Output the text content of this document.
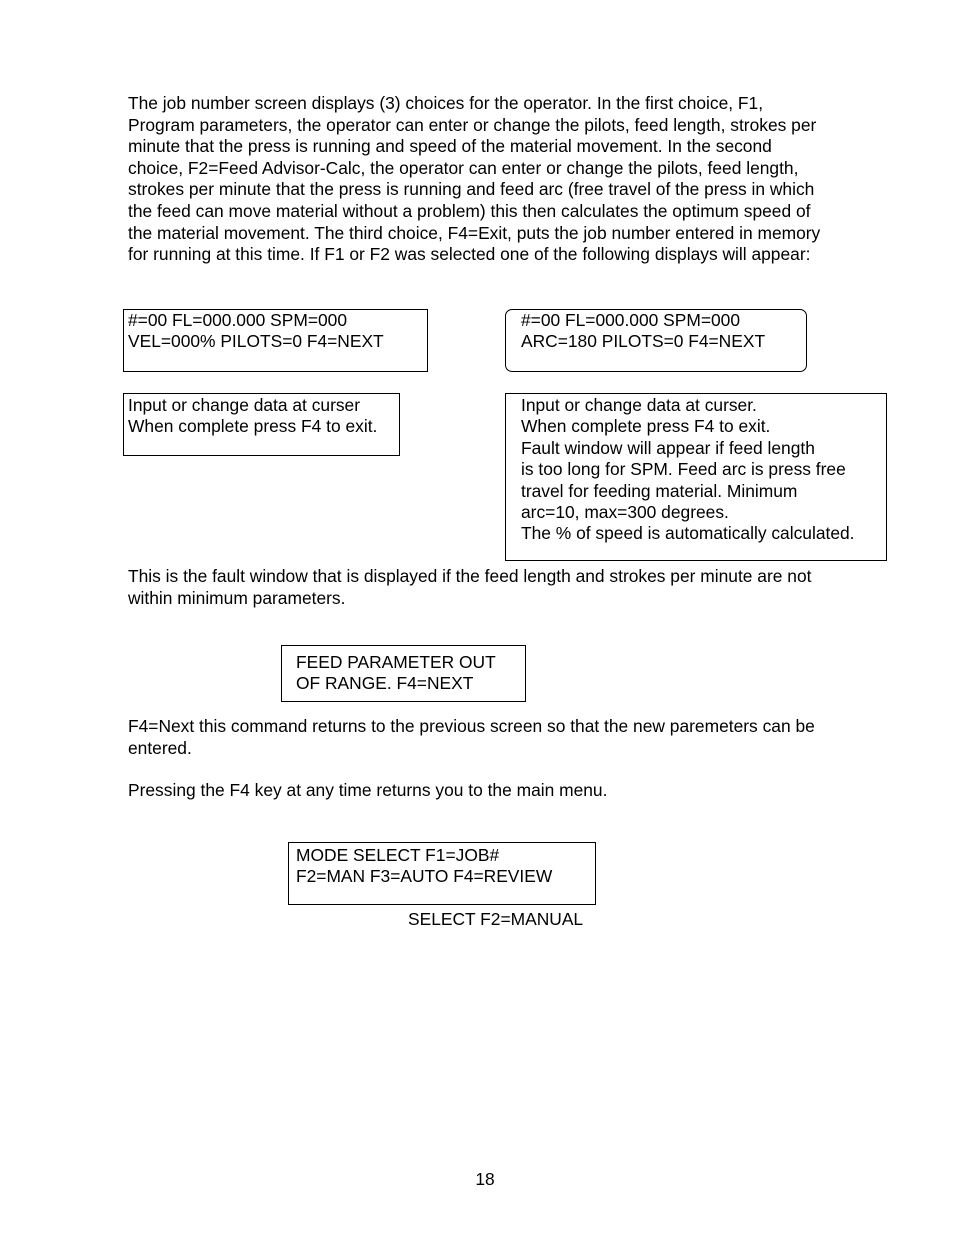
The job number screen displays (3) choices for the operator. In the first choice, F1,
Program parameters, the operator can enter or change the pilots, feed length, strokes per
minute that the press is running and speed of the material movement. In the second
choice, F2=Feed Advisor-Calc, the operator can enter or change the pilots, feed length,
strokes per minute that the press is running and feed arc (free travel of the press in which
the feed can move material without a problem) this then calculates the optimum speed of
the material movement. The third choice, F4=Exit, puts the job number entered in memory
for running at this time. If F1 or F2 was selected one of the following displays will appear:
#=00 FL=000.000 SPM=000
VEL=000% PILOTS=0 F4=NEXT
#=00 FL=000.000 SPM=000
ARC=180 PILOTS=0 F4=NEXT
Input or change data at curser
When complete press F4 to exit.
Input or change data at curser.
When complete press F4 to exit.
Fault window will appear if feed length
is too long for SPM. Feed arc is press free
travel for feeding material. Minimum
arc=10, max=300 degrees.
The % of speed is automatically calculated.
This is the fault window that is displayed if the feed length and strokes per minute are not
within minimum parameters.
FEED PARAMETER OUT
OF RANGE. F4=NEXT
F4=Next this command returns to the previous screen so that the new paremeters can be
entered.
Pressing the F4 key at any time returns you to the main menu.
MODE SELECT F1=JOB#
F2=MAN F3=AUTO F4=REVIEW
SELECT F2=MANUAL
18
